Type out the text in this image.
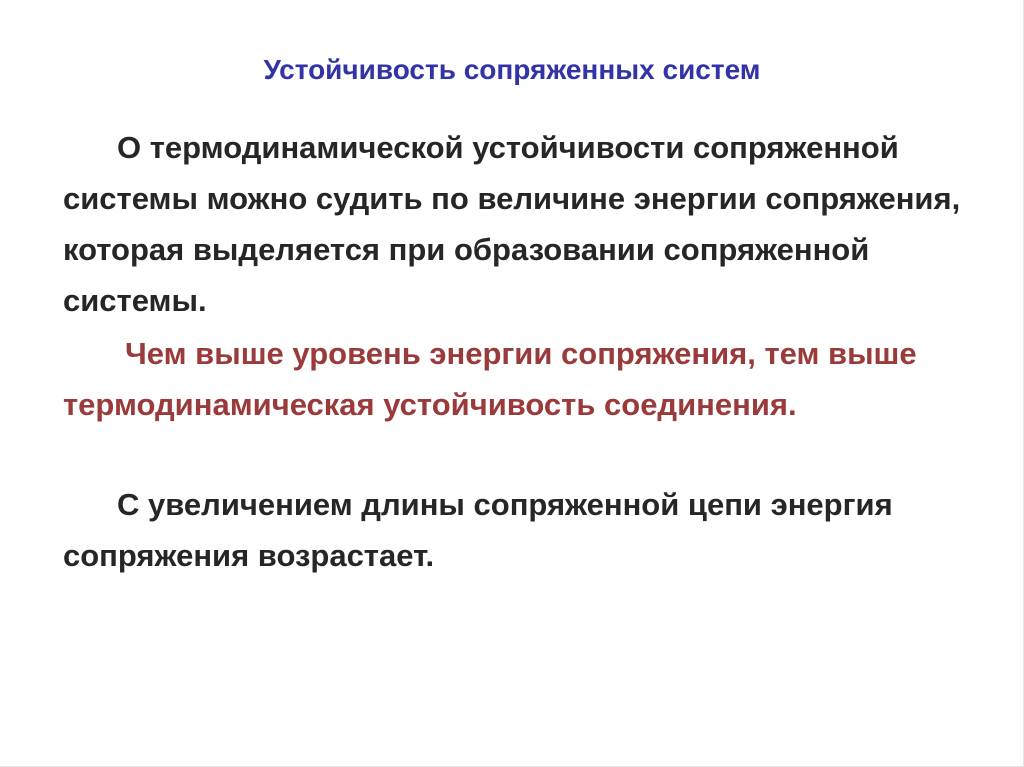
Устойчивость сопряженных систем

О термодинамической устойчивости сопряженной системы можно судить по величине энергии сопряжения, которая выделяется при образовании сопряженной системы.

Чем выше уровень энергии сопряжения, тем выше термодинамическая устойчивость соединения.

С увеличением длины сопряженной цепи энергия сопряжения возрастает.
